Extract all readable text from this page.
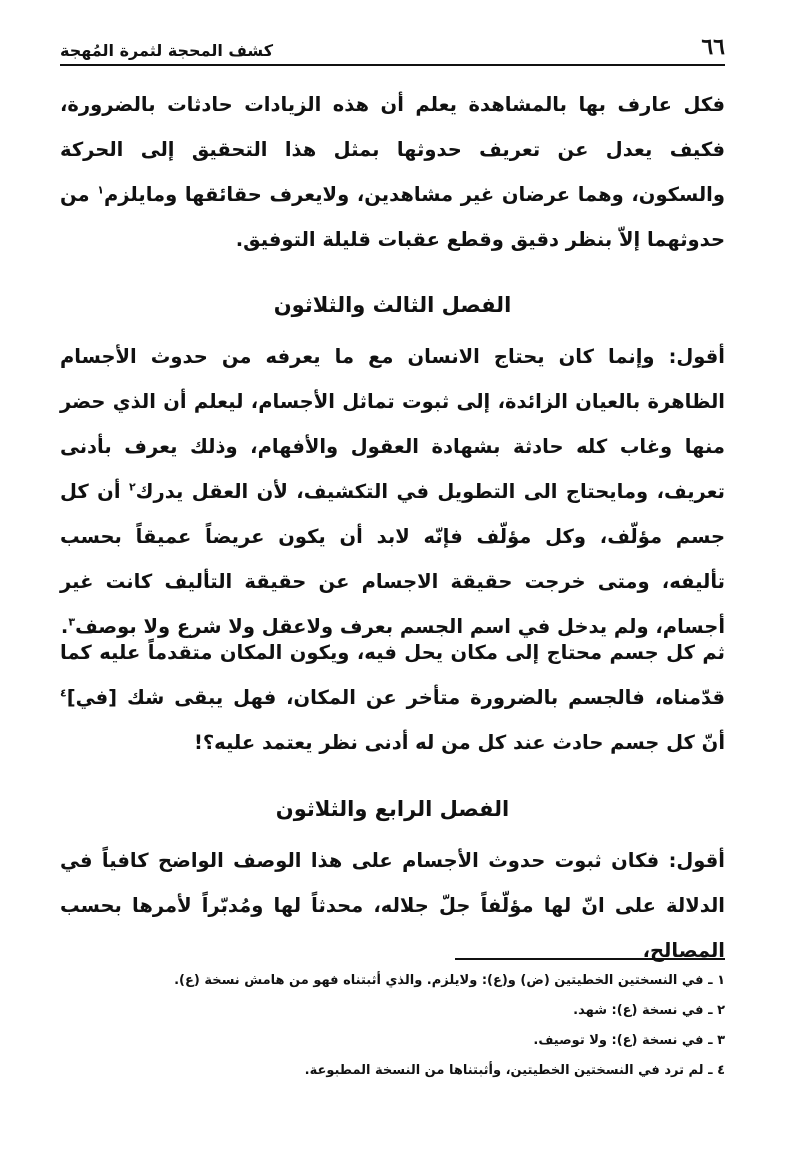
٦٦
كشف المحجة لثمرة المُهجة

فكل عارف بها بالمشاهدة يعلم أن هذه الزيادات حادثات بالضرورة، فكيف يعدل عن تعريف حدوثها بمثل هذا التحقيق إلى الحركة والسكون، وهما عرضان غير مشاهدين، ولايعرف حقائقها ومايلزم$^١$ من حدوثهما إلاّ بنظر دقيق وقطع عقبات قليلة التوفيق.

الفصل الثالث والثلاثون

أقول: وإنما كان يحتاج الانسان مع ما يعرفه من حدوث الأجسام الظاهرة بالعيان الزائدة، إلى ثبوت تماثل الأجسام، ليعلم أن الذي حضر منها وغاب كله حادثة بشهادة العقول والأفهام، وذلك يعرف بأدنى تعريف، ومايحتاج الى التطويل في التكشيف، لأن العقل يدرك$^٢$ أن كل جسم مؤلّف، وكل مؤلّف فإنّه لابد أن يكون عريضاً عميقاً بحسب تأليفه، ومتى خرجت حقيقة الاجسام عن حقيقة التأليف كانت غير أجسام، ولم يدخل في اسم الجسم بعرف ولاعقل ولا شرع ولا بوصف$^٣$.

ثم كل جسم محتاج إلى مكان يحل فيه، ويكون المكان متقدماً عليه كما قدّمناه، فالجسم بالضرورة متأخر عن المكان، فهل يبقى شك [في]$^٤$ أنّ كل جسم حادث عند كل من له أدنى نظر يعتمد عليه؟!

الفصل الرابع والثلاثون

أقول: فكان ثبوت حدوث الأجسام على هذا الوصف الواضح كافياً في الدلالة على انّ لها مؤلّفاً جلّ جلاله، محدثاً لها ومُدبّراً لأمرها بحسب المصالح،

١ ـ في النسختين الخطيتين (ض) و(ع): ولايلزم. والذي أثبتناه فهو من هامش نسخة (ع).
٢ ـ في نسخة (ع): شهد.
٣ ـ في نسخة (ع): ولا توصيف.
٤ ـ لم ترد في النسختين الخطيتين، وأثبتناها من النسخة المطبوعة.
